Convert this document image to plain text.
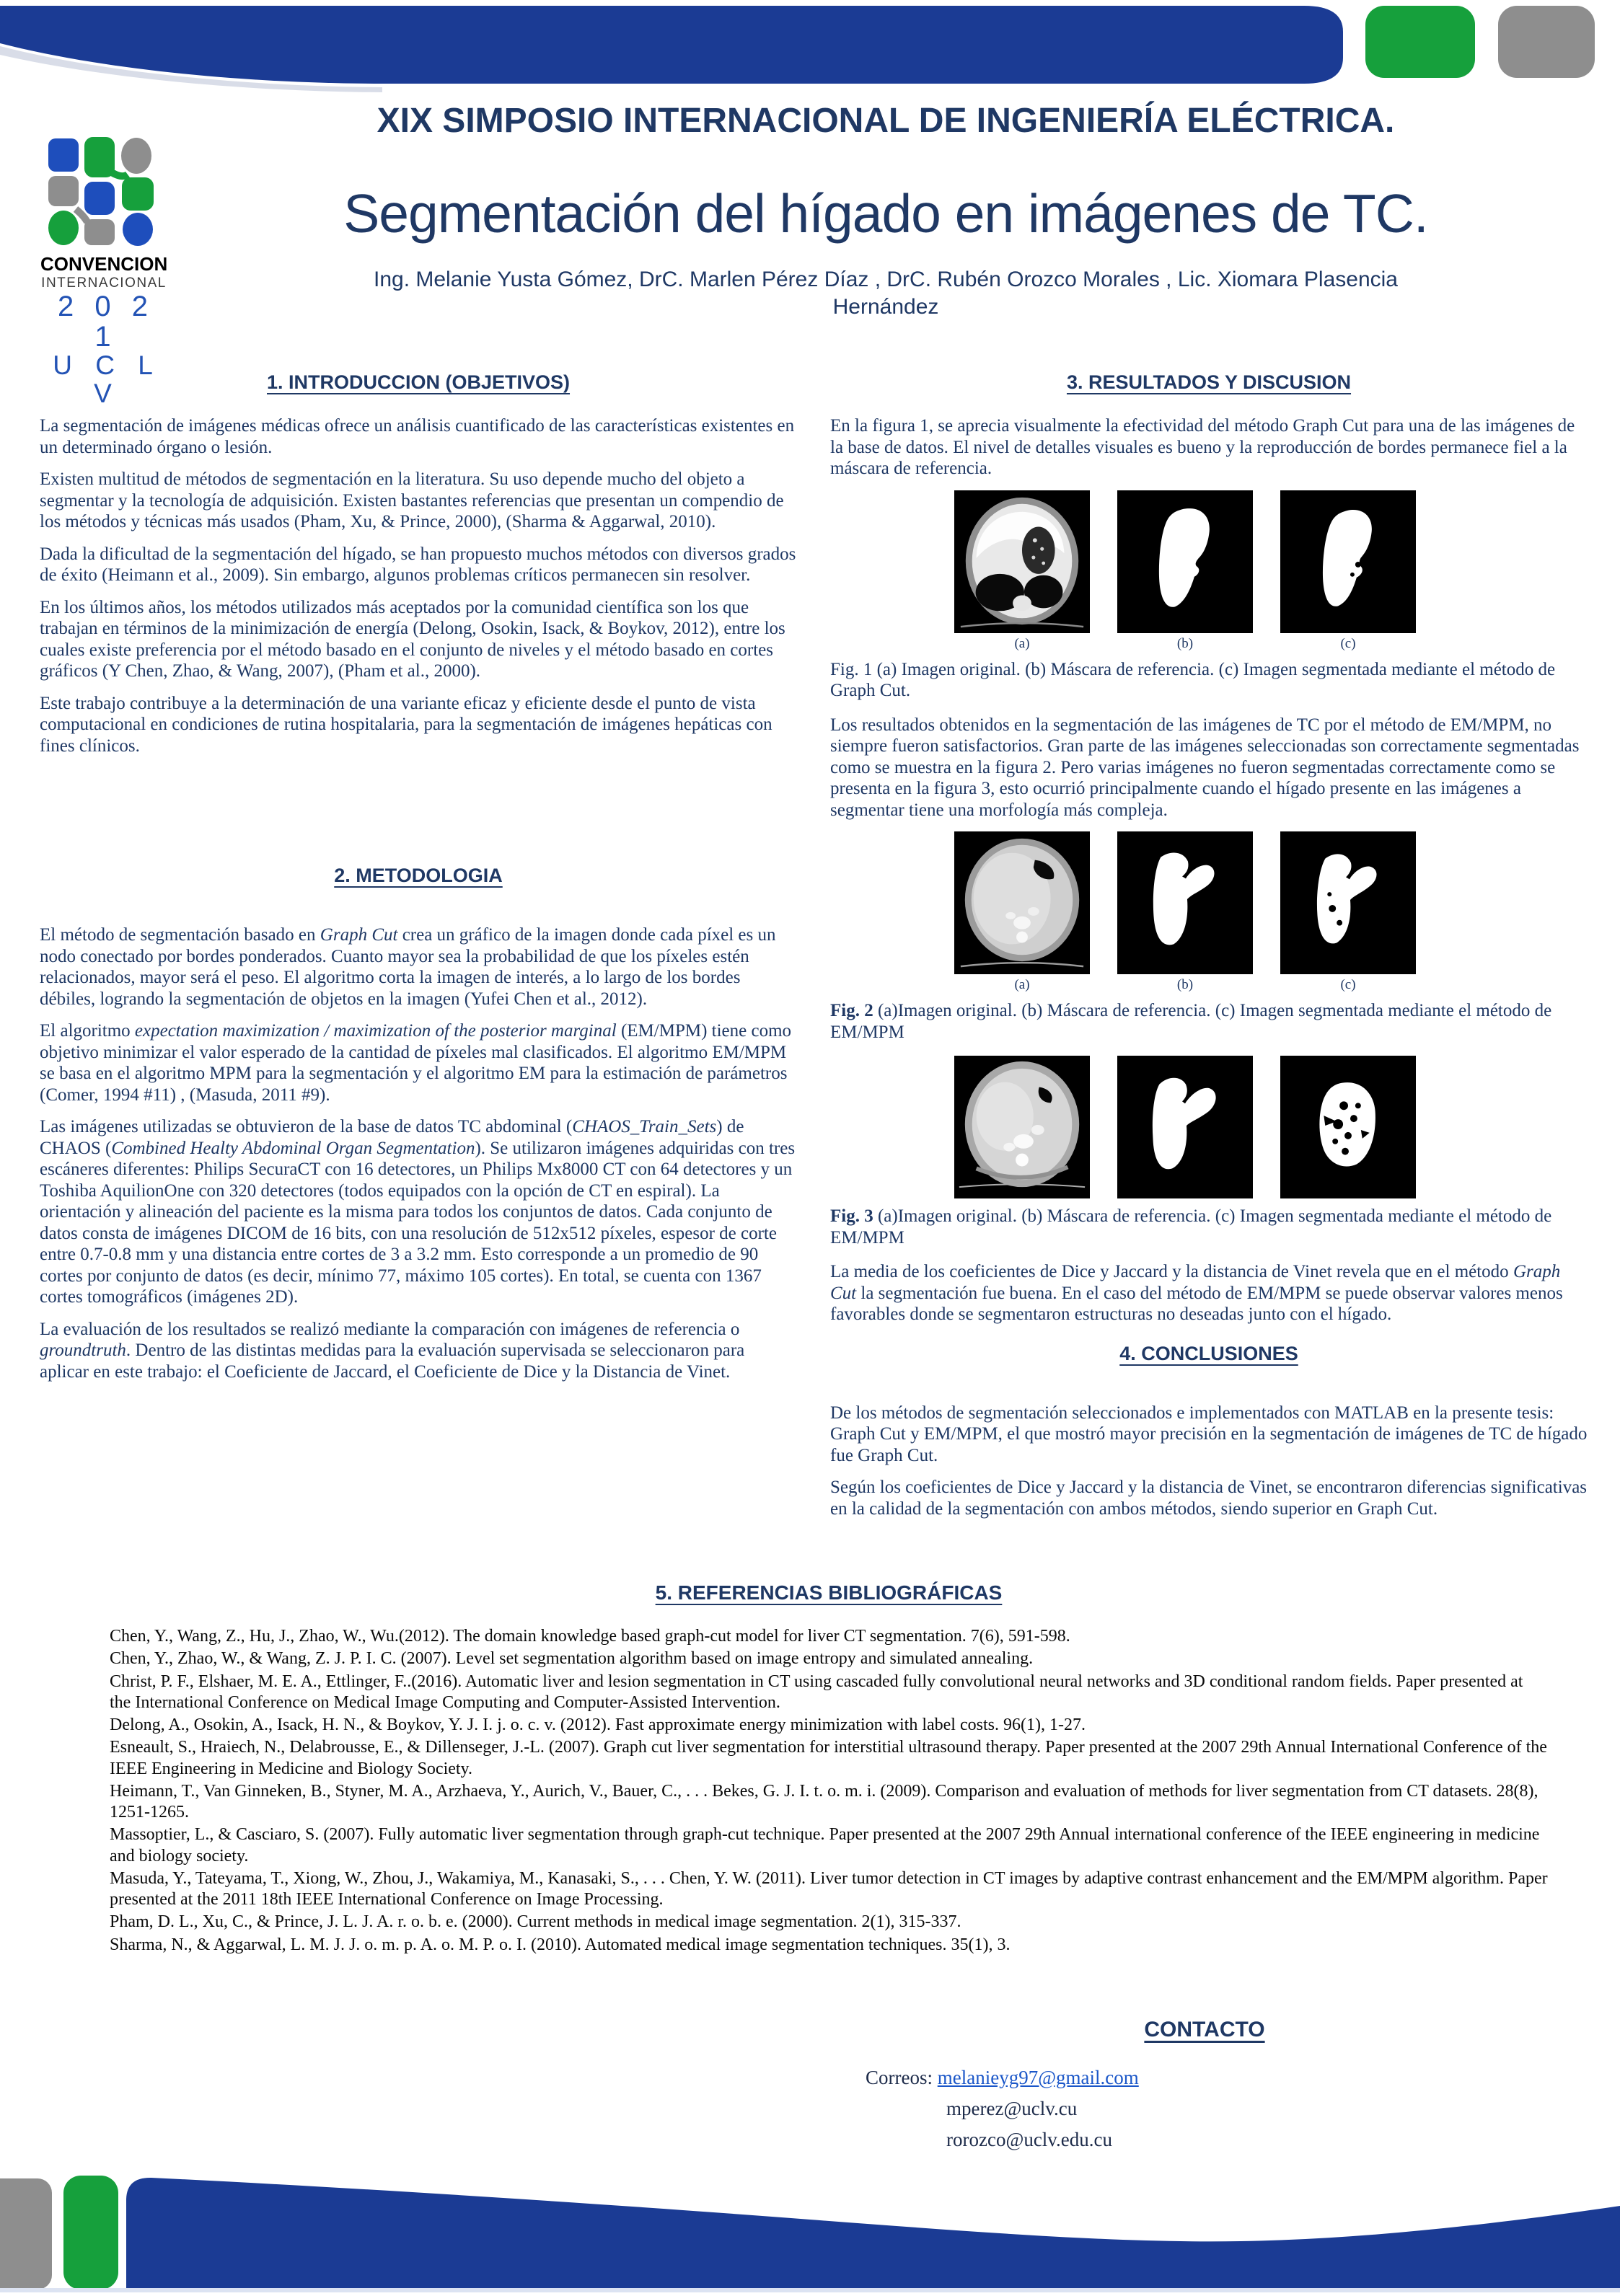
CONVENCION
INTERNACIONAL
2 0 2 1
U C L V
XIX SIMPOSIO INTERNACIONAL DE INGENIERÍA ELÉCTRICA.
Segmentación del hígado en imágenes de TC.
Ing. Melanie Yusta Gómez, DrC. Marlen Pérez Díaz , DrC. Rubén Orozco Morales , Lic. Xiomara Plasencia Hernández
1. INTRODUCCION (OBJETIVOS)

La segmentación de imágenes médicas ofrece un análisis cuantificado de las características existentes en un determinado órgano o lesión.

Existen multitud de métodos de segmentación en la literatura. Su uso depende mucho del objeto a segmentar y la tecnología de adquisición. Existen bastantes referencias que presentan un compendio de los métodos y técnicas más usados (Pham, Xu, & Prince, 2000), (Sharma & Aggarwal, 2010).

Dada la dificultad de la segmentación del hígado, se han propuesto muchos métodos con diversos grados de éxito (Heimann et al., 2009). Sin embargo, algunos problemas críticos permanecen sin resolver.

En los últimos años, los métodos utilizados más aceptados por la comunidad científica son los que trabajan en términos de la minimización de energía (Delong, Osokin, Isack, & Boykov, 2012), entre los cuales existe preferencia por el método basado en el conjunto de niveles y el método basado en cortes gráficos (Y Chen, Zhao, & Wang, 2007), (Pham et al., 2000).

Este trabajo contribuye a la determinación de una variante eficaz y eficiente desde el punto de vista computacional en condiciones de rutina hospitalaria, para la segmentación de imágenes hepáticas con fines clínicos.

2. METODOLOGIA

El método de segmentación basado en Graph Cut crea un gráfico de la imagen donde cada píxel es un nodo conectado por bordes ponderados. Cuanto mayor sea la probabilidad de que los píxeles estén relacionados, mayor será el peso. El algoritmo corta la imagen de interés, a lo largo de los bordes débiles, logrando la segmentación de objetos en la imagen (Yufei Chen et al., 2012).

El algoritmo expectation maximization / maximization of the posterior marginal (EM/MPM) tiene como objetivo minimizar el valor esperado de la cantidad de píxeles mal clasificados. El algoritmo EM/MPM se basa en el algoritmo MPM para la segmentación y el algoritmo EM para la estimación de parámetros (Comer, 1994 #11) , (Masuda, 2011 #9).

Las imágenes utilizadas se obtuvieron de la base de datos TC abdominal (CHAOS_Train_Sets) de CHAOS (Combined Healty Abdominal Organ Segmentation). Se utilizaron imágenes adquiridas con tres escáneres diferentes: Philips SecuraCT con 16 detectores, un Philips Mx8000 CT con 64 detectores y un Toshiba AquilionOne con 320 detectores (todos equipados con la opción de CT en espiral). La orientación y alineación del paciente es la misma para todos los conjuntos de datos. Cada conjunto de datos consta de imágenes DICOM de 16 bits, con una resolución de 512x512 píxeles, espesor de corte entre 0.7-0.8 mm y una distancia entre cortes de 3 a 3.2 mm. Esto corresponde a un promedio de 90 cortes por conjunto de datos (es decir, mínimo 77, máximo 105 cortes). En total, se cuenta con 1367 cortes tomográficos (imágenes 2D).

La evaluación de los resultados se realizó mediante la comparación con imágenes de referencia o groundtruth. Dentro de las distintas medidas para la evaluación supervisada se seleccionaron para aplicar en este trabajo: el Coeficiente de Jaccard, el Coeficiente de Dice y la Distancia de Vinet.

3. RESULTADOS Y DISCUSION

En la figura 1, se aprecia visualmente la efectividad del método Graph Cut para una de las imágenes de la base de datos. El nivel de detalles visuales es bueno y la reproducción de bordes permanece fiel a la máscara de referencia.

(a)	(b)	(c)
Fig. 1 (a) Imagen original. (b) Máscara de referencia. (c) Imagen segmentada mediante el método de Graph Cut.

Los resultados obtenidos en la segmentación de las imágenes de TC por el método de EM/MPM, no siempre fueron satisfactorios. Gran parte de las imágenes seleccionadas son correctamente segmentadas como se muestra en la figura 2. Pero varias imágenes no fueron segmentadas correctamente como se presenta en la figura 3, esto ocurrió principalmente cuando el hígado presente en las imágenes a segmentar tiene una morfología más compleja.

(a)	(b)	(c)
Fig. 2 (a)Imagen original. (b) Máscara de referencia. (c) Imagen segmentada mediante el método de EM/MPM
Fig. 3 (a)Imagen original. (b) Máscara de referencia. (c) Imagen segmentada mediante el método de EM/MPM

La media de los coeficientes de Dice y Jaccard y la distancia de Vinet revela que en el método Graph Cut la segmentación fue buena. En el caso del método de EM/MPM se puede observar valores menos favorables donde se segmentaron estructuras no deseadas junto con el hígado.

4. CONCLUSIONES

De los métodos de segmentación seleccionados e implementados con MATLAB en la presente tesis: Graph Cut y EM/MPM, el que mostró mayor precisión en la segmentación de imágenes de TC de hígado fue Graph Cut.

Según los coeficientes de Dice y Jaccard y la distancia de Vinet, se encontraron diferencias significativas en la calidad de la segmentación con ambos métodos, siendo superior en Graph Cut.

5. REFERENCIAS BIBLIOGRÁFICAS
Chen, Y., Wang, Z., Hu, J., Zhao, W., Wu.(2012). The domain knowledge based graph-cut model for liver CT segmentation. 7(6), 591-598.
Chen, Y., Zhao, W., & Wang, Z. J. P. I. C. (2007). Level set segmentation algorithm based on image entropy and simulated annealing.
Christ, P. F., Elshaer, M. E. A., Ettlinger, F..(2016). Automatic liver and lesion segmentation in CT using cascaded fully convolutional neural networks and 3D conditional random fields. Paper presented at the International Conference on Medical Image Computing and Computer-Assisted Intervention.
Delong, A., Osokin, A., Isack, H. N., & Boykov, Y. J. I. j. o. c. v. (2012). Fast approximate energy minimization with label costs. 96(1), 1-27.
Esneault, S., Hraiech, N., Delabrousse, E., & Dillenseger, J.-L. (2007). Graph cut liver segmentation for interstitial ultrasound therapy. Paper presented at the 2007 29th Annual International Conference of the IEEE Engineering in Medicine and Biology Society.
Heimann, T., Van Ginneken, B., Styner, M. A., Arzhaeva, Y., Aurich, V., Bauer, C., . . . Bekes, G. J. I. t. o. m. i. (2009). Comparison and evaluation of methods for liver segmentation from CT datasets. 28(8), 1251-1265.
Massoptier, L., & Casciaro, S. (2007). Fully automatic liver segmentation through graph-cut technique. Paper presented at the 2007 29th Annual international conference of the IEEE engineering in medicine and biology society.
Masuda, Y., Tateyama, T., Xiong, W., Zhou, J., Wakamiya, M., Kanasaki, S., . . . Chen, Y. W. (2011). Liver tumor detection in CT images by adaptive contrast enhancement and the EM/MPM algorithm. Paper presented at the 2011 18th IEEE International Conference on Image Processing.
Pham, D. L., Xu, C., & Prince, J. L. J. A. r. o. b. e. (2000). Current methods in medical image segmentation. 2(1), 315-337.
Sharma, N., & Aggarwal, L. M. J. J. o. m. p. A. o. M. P. o. I. (2010). Automated medical image segmentation techniques. 35(1), 3.
CONTACTO
Correos: melanieyg97@gmail.com
mperez@uclv.cu
rorozco@uclv.edu.cu
